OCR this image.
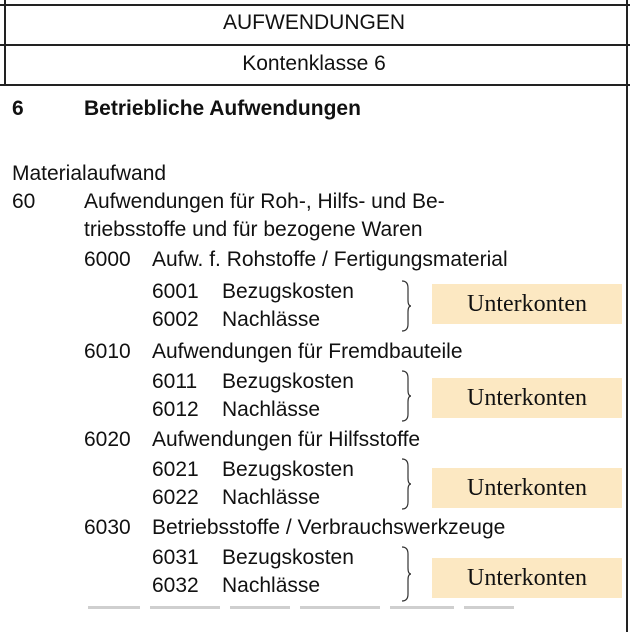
AUFWENDUNGEN
Kontenklasse 6
6	Betriebliche Aufwendungen
Materialaufwand
60 Aufwendungen für Roh-, Hilfs- und Be-
triebsstoffe und für bezogene Waren
6000 Aufw. f. Rohstoffe / Fertigungsmaterial
6001 Bezugskosten
6002 Nachlässe
Unterkonten
6010 Aufwendungen für Fremdbauteile
6011 Bezugskosten
6012 Nachlässe	Unterkonten
6020 Aufwendungen für Hilfsstoffe
6021 Bezugskosten
6022 Nachlässe	Unterkonten
6030 Betriebsstoffe / Verbrauchswerkzeuge
6031 Bezugskosten
6032 Nachlässe	Unterkonten
